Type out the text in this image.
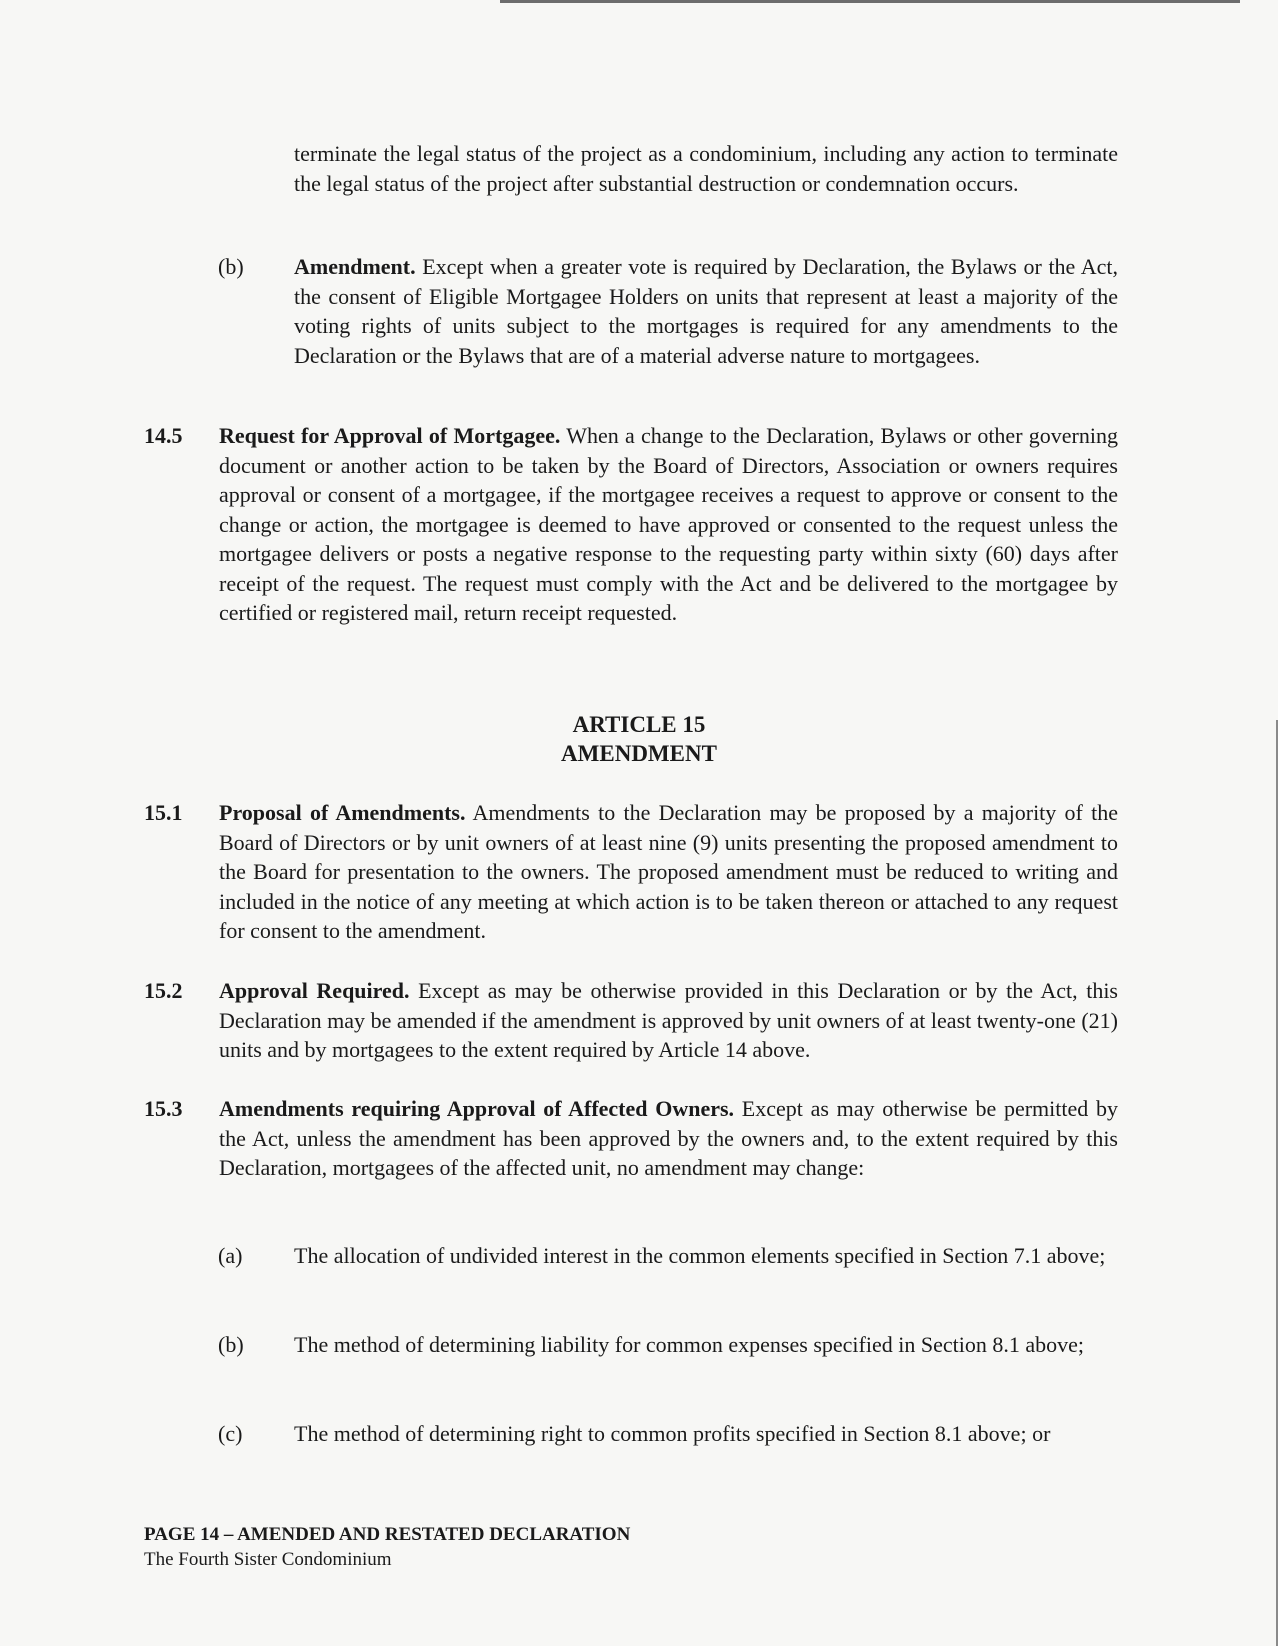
terminate the legal status of the project as a condominium, including any action to terminate the legal status of the project after substantial destruction or condemnation occurs.

(b)	Amendment. Except when a greater vote is required by Declaration, the Bylaws or the Act, the consent of Eligible Mortgagee Holders on units that represent at least a majority of the voting rights of units subject to the mortgages is required for any amendments to the Declaration or the Bylaws that are of a material adverse nature to mortgagees.

14.5 Request for Approval of Mortgagee. When a change to the Declaration, Bylaws or other governing document or another action to be taken by the Board of Directors, Association or owners requires approval or consent of a mortgagee, if the mortgagee receives a request to approve or consent to the change or action, the mortgagee is deemed to have approved or consented to the request unless the mortgagee delivers or posts a negative response to the requesting party within sixty (60) days after receipt of the request. The request must comply with the Act and be delivered to the mortgagee by certified or registered mail, return receipt requested.

ARTICLE 15
AMENDMENT
15.1 Proposal of Amendments. Amendments to the Declaration may be proposed by a majority of the Board of Directors or by unit owners of at least nine (9) units presenting the proposed amendment to the Board for presentation to the owners. The proposed amendment must be reduced to writing and included in the notice of any meeting at which action is to be taken thereon or attached to any request for consent to the amendment.

15.2 Approval Required. Except as may be otherwise provided in this Declaration or by the Act, this Declaration may be amended if the amendment is approved by unit owners of at least twenty-one (21) units and by mortgagees to the extent required by Article 14 above.

15.3 Amendments requiring Approval of Affected Owners. Except as may otherwise be permitted by the Act, unless the amendment has been approved by the owners and, to the extent required by this Declaration, mortgagees of the affected unit, no amendment may change:

(a)	The allocation of undivided interest in the common elements specified in Section 7.1 above;

(b)	The method of determining liability for common expenses specified in Section 8.1 above;

(c)	The method of determining right to common profits specified in Section 8.1 above; or

PAGE 14 – AMENDED AND RESTATED DECLARATION
The Fourth Sister Condominium
